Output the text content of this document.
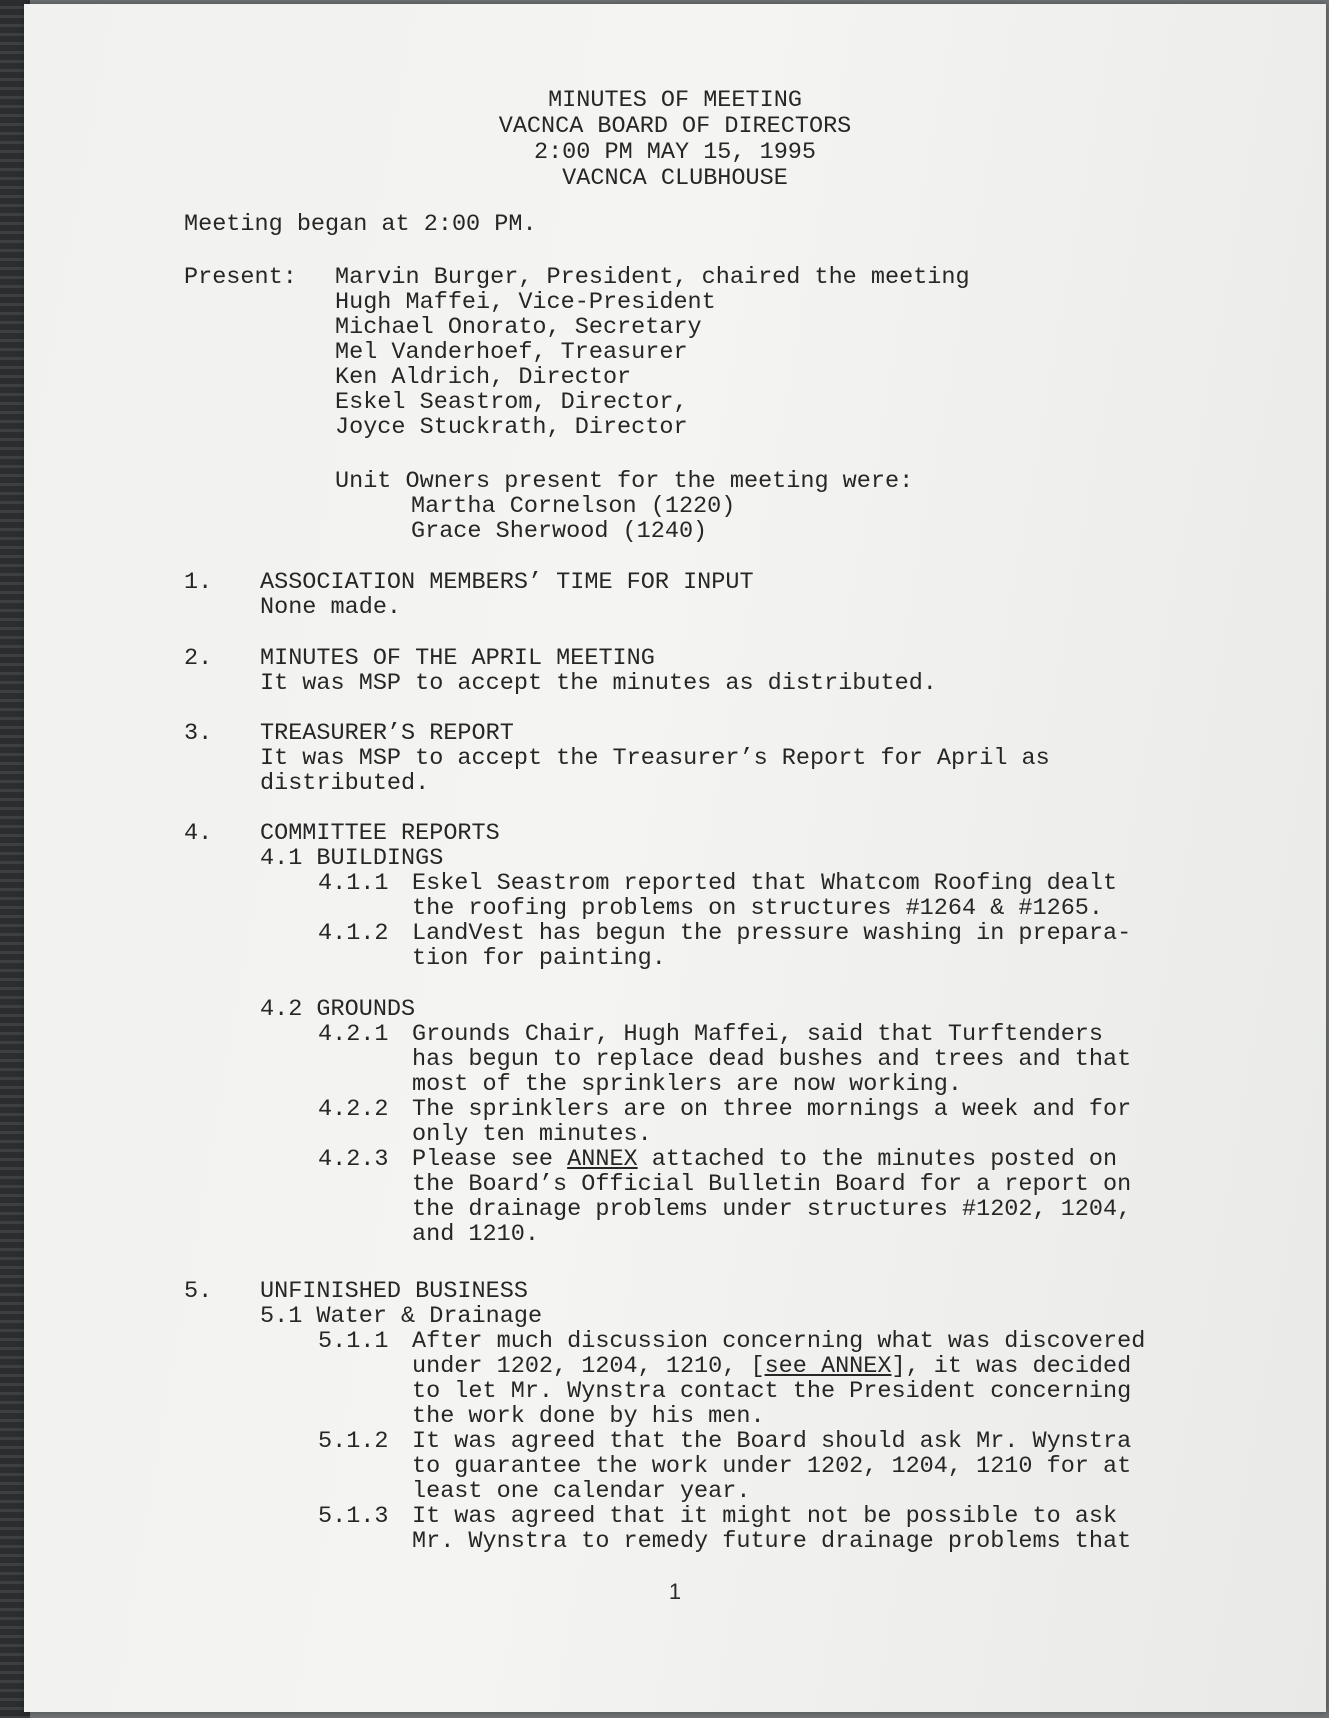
MINUTES OF MEETING
VACNCA BOARD OF DIRECTORS
2:00 PM MAY 15, 1995
VACNCA CLUBHOUSE
Meeting began at 2:00 PM.
Present: Marvin Burger, President, chaired the meeting
Hugh Maffei, Vice-President
Michael Onorato, Secretary
Mel Vanderhoef, Treasurer
Ken Aldrich, Director
Eskel Seastrom, Director,
Joyce Stuckrath, Director
Unit Owners present for the meeting were:
Martha Cornelson (1220)
Grace Sherwood (1240)
1. ASSOCIATION MEMBERS’ TIME FOR INPUT
None made.
2. MINUTES OF THE APRIL MEETING
It was MSP to accept the minutes as distributed.
3. TREASURER’S REPORT
It was MSP to accept the Treasurer’s Report for April as
distributed.
4. COMMITTEE REPORTS
4.1 BUILDINGS
4.1.1 Eskel Seastrom reported that Whatcom Roofing dealt
the roofing problems on structures #1264 & #1265.
4.1.2 LandVest has begun the pressure washing in prepara-
tion for painting.
4.2 GROUNDS
4.2.1 Grounds Chair, Hugh Maffei, said that Turftenders
has begun to replace dead bushes and trees and that
most of the sprinklers are now working.
4.2.2 The sprinklers are on three mornings a week and for
only ten minutes.
4.2.3 Please see ANNEX attached to the minutes posted on
the Board’s Official Bulletin Board for a report on
the drainage problems under structures #1202, 1204,
and 1210.
5. UNFINISHED BUSINESS
5.1 Water & Drainage
5.1.1 After much discussion concerning what was discovered
under 1202, 1204, 1210, [see ANNEX], it was decided
to let Mr. Wynstra contact the President concerning
the work done by his men.
5.1.2 It was agreed that the Board should ask Mr. Wynstra
to guarantee the work under 1202, 1204, 1210 for at
least one calendar year.
5.1.3 It was agreed that it might not be possible to ask
Mr. Wynstra to remedy future drainage problems that
1
